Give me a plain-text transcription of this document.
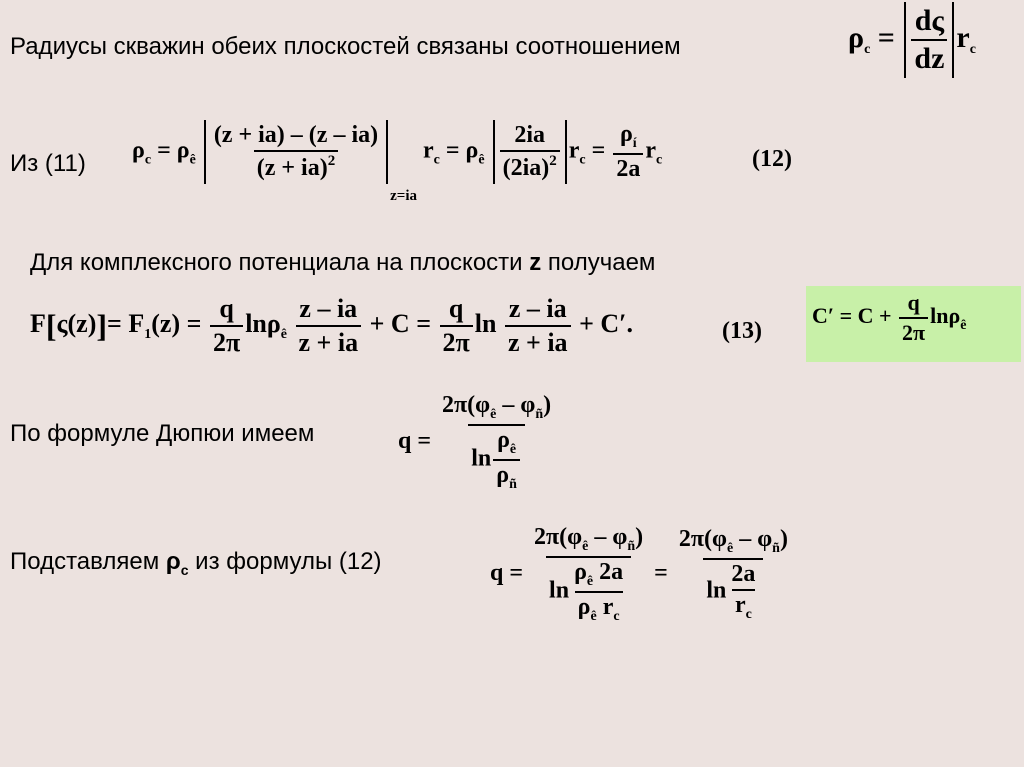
Радиусы скважин обеих плоскостей связаны соотношением	$\rho_c = \frac{d\varsigma}{dz} r_c$
Из (11) $\rho_c = \rho_ê \frac{(z + ia) - (z - ia)}{(z + ia)^2}$
z=ia $r_c = \rho_ê \frac{2ia}{(2ia)^2} r_c = \frac{\rho_í}{2a} r_c$	(12)
Для комплексного потенциала на плоскости z получаем
$F[\varsigma(z)]= F_1(z) = \frac{q}{2\pi} \ln\rho_ê \frac{z - ia}{z + ia} + C = \frac{q}{2\pi}$ $\ln \frac{z - ia}{z + ia} + C'$.	(13)
$C' = C + \frac{q}{2\pi} \ln\rho_ê$
По формуле Дюпюи имеем	$q = \frac{2\pi(\varphi_ê - \varphi_ñ)}{\ln \frac{\rho_ê}{\rho_ñ}}$
Подставляем $\rho_c$ из формулы (12)	$q = \frac{2\pi(\varphi_ê - \varphi_ñ)}{\ln \frac{\rho_ê 2a}{\rho_ê r_c}} = \frac{2\pi(\varphi_ê - \varphi_ñ)}{\ln \frac{2a}{r_c}}$
